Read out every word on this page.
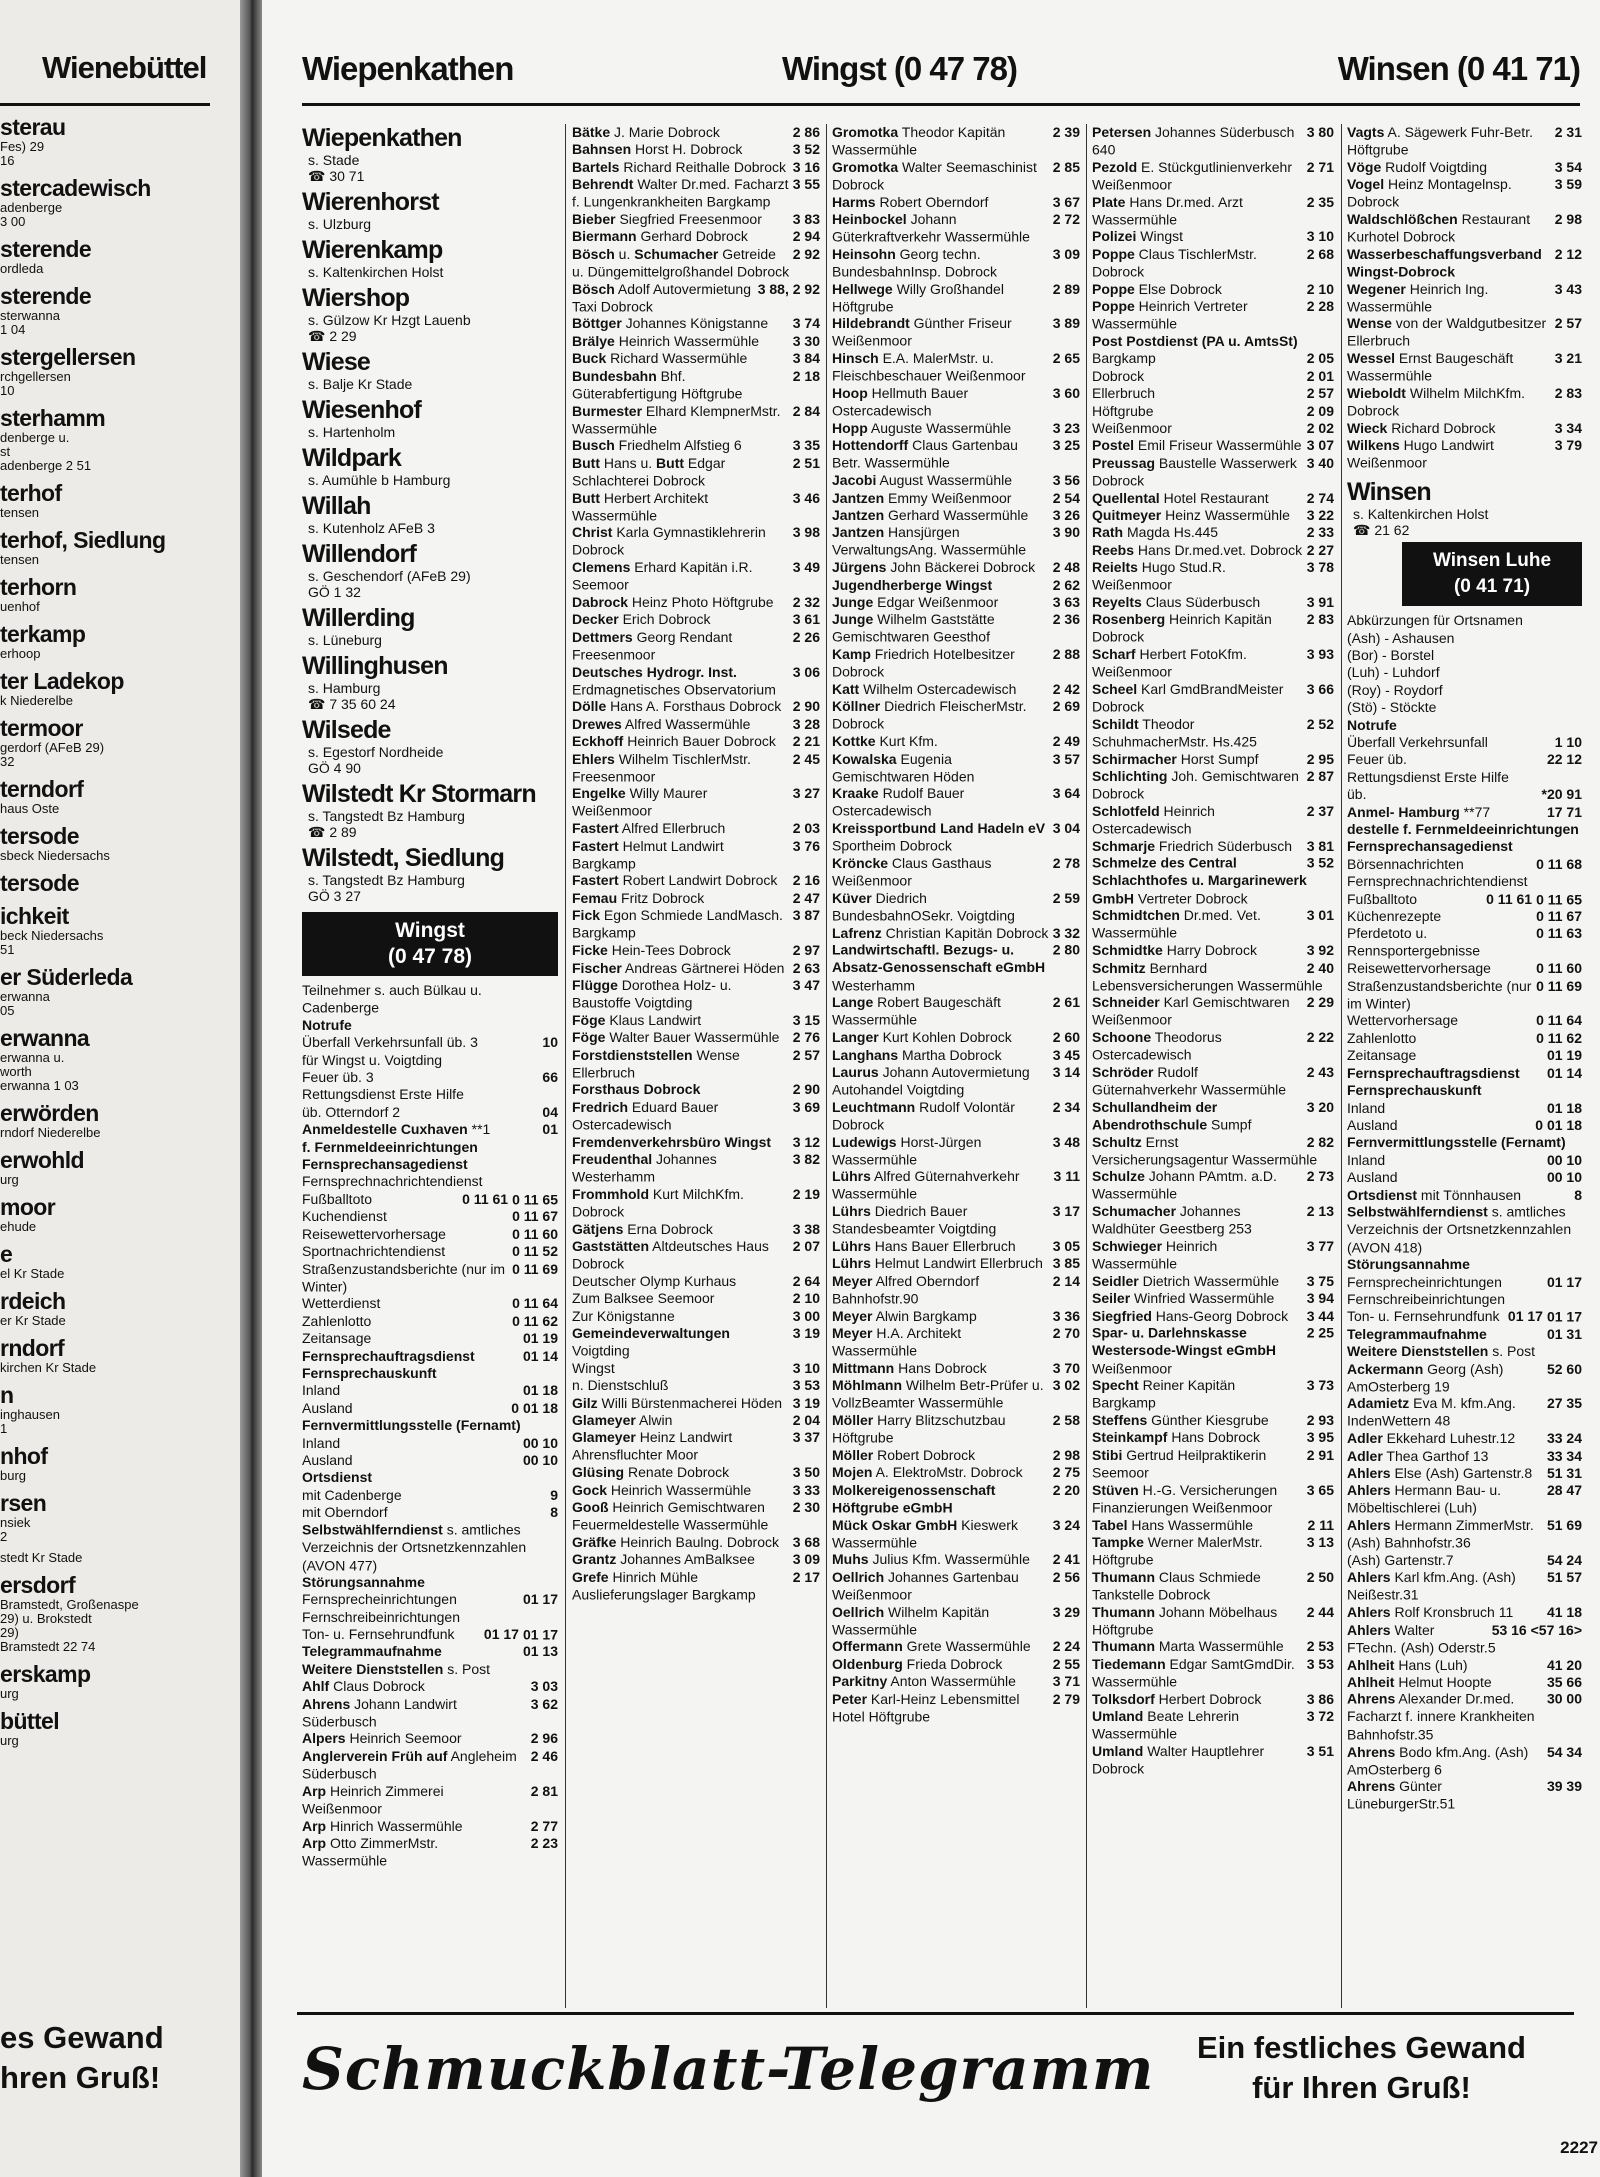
Wienebüttel
sterau
Fes) 29
16
stercadewisch
adenberge
3 00
sterende
ordleda
sterende
sterwanna
1 04
stergellersen
rchgellersen
10
sterhamm
denberge u.
st
adenberge 2 51
terhof
tensen
terhof, Siedlung
tensen
terhorn
uenhof
terkamp
erhoop
ter Ladekop
k Niederelbe
termoor
gerdorf (AFeB 29)
32
terndorf
haus Oste
tersode
sbeck Niedersachs
tersode
ichkeit
beck Niedersachs
51
er Süderleda
erwanna
05
erwanna
erwanna u.
worth
erwanna 1 03
erwörden
rndorf Niederelbe
erwohld
urg
moor
ehude
e
el Kr Stade
rdeich
er Kr Stade
rndorf
kirchen Kr Stade
n
inghausen
1
nhof
burg
rsen
nsiek
2
stedt Kr Stade
ersdorf
Bramstedt, Großenaspe
29) u. Brokstedt
29)
Bramstedt 22 74
erskamp
urg
büttel
urg
es Gewand
hren Gruß!
Wiepenkathen	Wingst (0 47 78)	Winsen (0 41 71)
Wiepenkathen
s. Stade
☎ 30 71
Wierenhorst
s. Ulzburg
Wierenkamp
s. Kaltenkirchen Holst
Wiershop
s. Gülzow Kr Hzgt Lauenb
☎ 2 29
Wiese
s. Balje Kr Stade
Wiesenhof
s. Hartenholm
Wildpark
s. Aumühle b Hamburg
Willah
s. Kutenholz AFeB 3
Willendorf
s. Geschendorf (AFeB 29)
GÖ 1 32
Willerding
s. Lüneburg
Willinghusen
s. Hamburg
☎ 7 35 60 24
Wilsede
s. Egestorf Nordheide
GÖ 4 90
Wilstedt Kr Stormarn
s. Tangstedt Bz Hamburg
☎ 2 89
Wilstedt, Siedlung
s. Tangstedt Bz Hamburg
GÖ 3 27
Wingst
(0 47 78)
Teilnehmer s. auch Bülkau u. Cadenberge
Notrufe
10
Überfall Verkehrsunfall üb. 3
für Wingst u. Voigtding
66
Feuer üb. 3
Rettungsdienst Erste Hilfe
04
üb. Otterndorf 2
01
Anmeldestelle Cuxhaven **1
f. Fernmeldeeinrichtungen
Fernsprechansagedienst
Fernsprechnachrichtendienst
0 11 65
0 11 61
Fußballtoto
0 11 67
Kuchendienst
0 11 60
Reisewettervorhersage
0 11 52
Sportnachrichtendienst
0 11 69
Straßenzustandsberichte (nur im Winter)
0 11 64
Wetterdienst
0 11 62
Zahlenlotto
01 19
Zeitansage
01 14
Fernsprechauftragsdienst
Fernsprechauskunft
01 18
Inland
0 01 18
Ausland
Fernvermittlungsstelle (Fernamt)
00 10
Inland
00 10
Ausland
Ortsdienst
9
mit Cadenberge
8
mit Oberndorf
Selbstwählferndienst s. amtliches Verzeichnis der Ortsnetzkennzahlen (AVON 477)
Störungsannahme
01 17
Fernsprecheinrichtungen
Fernschreibeinrichtungen
01 17
01 17
Ton- u. Fernsehrundfunk
01 13
Telegrammaufnahme
Weitere Dienststellen s. Post
3 03
Ahlf Claus Dobrock
3 62
Ahrens Johann Landwirt Süderbusch
2 96
Alpers Heinrich Seemoor
2 46
Anglerverein Früh auf Angleheim Süderbusch
2 81
Arp Heinrich Zimmerei Weißenmoor
2 77
Arp Hinrich Wassermühle
2 23
Arp Otto ZimmerMstr. Wassermühle
2 86
Bätke J. Marie Dobrock
3 52
Bahnsen Horst H. Dobrock
3 16
Bartels Richard Reithalle Dobrock
3 55
Behrendt Walter Dr.med. Facharzt f. Lungenkrankheiten Bargkamp
3 83
Bieber Siegfried Freesenmoor
2 94
Biermann Gerhard Dobrock
2 92
Bösch u. Schumacher Getreide u. Düngemittelgroßhandel Dobrock
3 88, 2 92
Bösch Adolf Autovermietung Taxi Dobrock
3 74
Böttger Johannes Königstanne
3 30
Brälye Heinrich Wassermühle
3 84
Buck Richard Wassermühle
2 18
Bundesbahn Bhf. Güterabfertigung Höftgrube
2 84
Burmester Elhard KlempnerMstr. Wassermühle
3 35
Busch Friedhelm Alfstieg 6
2 51
Butt Hans u. Butt Edgar Schlachterei Dobrock
3 46
Butt Herbert Architekt Wassermühle
3 98
Christ Karla Gymnastiklehrerin Dobrock
3 49
Clemens Erhard Kapitän i.R. Seemoor
2 32
Dabrock Heinz Photo Höftgrube
3 61
Decker Erich Dobrock
2 26
Dettmers Georg Rendant Freesenmoor
3 06
Deutsches Hydrogr. Inst. Erdmagnetisches Observatorium
2 90
Dölle Hans A. Forsthaus Dobrock
3 28
Drewes Alfred Wassermühle
2 21
Eckhoff Heinrich Bauer Dobrock
2 45
Ehlers Wilhelm TischlerMstr. Freesenmoor
3 27
Engelke Willy Maurer Weißenmoor
2 03
Fastert Alfred Ellerbruch
3 76
Fastert Helmut Landwirt Bargkamp
2 16
Fastert Robert Landwirt Dobrock
2 47
Femau Fritz Dobrock
3 87
Fick Egon Schmiede LandMasch. Bargkamp
2 97
Ficke Hein-Tees Dobrock
2 63
Fischer Andreas Gärtnerei Höden
3 47
Flügge Dorothea Holz- u. Baustoffe Voigtding
3 15
Föge Klaus Landwirt
2 76
Föge Walter Bauer Wassermühle
2 57
Forstdienststellen Wense Ellerbruch
2 90
Forsthaus Dobrock
3 69
Fredrich Eduard Bauer Ostercadewisch
3 12
Fremdenverkehrsbüro Wingst
3 82
Freudenthal Johannes Westerhamm
2 19
Frommhold Kurt MilchKfm. Dobrock
3 38
Gätjens Erna Dobrock
2 07
Gaststätten Altdeutsches Haus Dobrock
2 64
Deutscher Olymp Kurhaus
2 10
Zum Balksee Seemoor
3 00
Zur Königstanne
3 19
Gemeindeverwaltungen Voigtding
3 10
Wingst
3 53
n. Dienstschluß
3 19
Gilz Willi Bürstenmacherei Höden
2 04
Glameyer Alwin
3 37
Glameyer Heinz Landwirt Ahrensfluchter Moor
3 50
Glüsing Renate Dobrock
3 33
Gock Heinrich Wassermühle
2 30
Gooß Heinrich Gemischtwaren Feuermeldestelle Wassermühle
3 68
Gräfke Heinrich Baulng. Dobrock
3 09
Grantz Johannes AmBalksee
2 17
Grefe Hinrich Mühle Auslieferungslager Bargkamp
2 39
Gromotka Theodor Kapitän Wassermühle
2 85
Gromotka Walter Seemaschinist Dobrock
3 67
Harms Robert Oberndorf
2 72
Heinbockel Johann Güterkraftverkehr Wassermühle
3 09
Heinsohn Georg techn. BundesbahnInsp. Dobrock
2 89
Hellwege Willy Großhandel Höftgrube
3 89
Hildebrandt Günther Friseur Weißenmoor
2 65
Hinsch E.A. MalerMstr. u. Fleischbeschauer Weißenmoor
3 60
Hoop Hellmuth Bauer Ostercadewisch
3 23
Hopp Auguste Wassermühle
3 25
Hottendorff Claus Gartenbau Betr. Wassermühle
3 56
Jacobi August Wassermühle
2 54
Jantzen Emmy Weißenmoor
3 26
Jantzen Gerhard Wassermühle
3 90
Jantzen Hansjürgen VerwaltungsAng. Wassermühle
2 48
Jürgens John Bäckerei Dobrock
2 62
Jugendherberge Wingst
3 63
Junge Edgar Weißenmoor
2 36
Junge Wilhelm Gaststätte Gemischtwaren Geesthof
2 88
Kamp Friedrich Hotelbesitzer Dobrock
2 42
Katt Wilhelm Ostercadewisch
2 69
Köllner Diedrich FleischerMstr. Dobrock
2 49
Kottke Kurt Kfm.
3 57
Kowalska Eugenia Gemischtwaren Höden
3 64
Kraake Rudolf Bauer Ostercadewisch
3 04
Kreissportbund Land Hadeln eV Sportheim Dobrock
2 78
Kröncke Claus Gasthaus Weißenmoor
2 59
Küver Diedrich BundesbahnOSekr. Voigtding
3 32
Lafrenz Christian Kapitän Dobrock
2 80
Landwirtschaftl. Bezugs- u. Absatz-Genossenschaft eGmbH Westerhamm
2 61
Lange Robert Baugeschäft Wassermühle
2 60
Langer Kurt Kohlen Dobrock
3 45
Langhans Martha Dobrock
3 14
Laurus Johann Autovermietung Autohandel Voigtding
2 34
Leuchtmann Rudolf Volontär Dobrock
3 48
Ludewigs Horst-Jürgen Wassermühle
3 11
Lührs Alfred Güternahverkehr Wassermühle
3 17
Lührs Diedrich Bauer Standesbeamter Voigtding
3 05
Lührs Hans Bauer Ellerbruch
3 85
Lührs Helmut Landwirt Ellerbruch
2 14
Meyer Alfred Oberndorf Bahnhofstr.90
3 36
Meyer Alwin Bargkamp
2 70
Meyer H.A. Architekt Wassermühle
3 70
Mittmann Hans Dobrock
3 02
Möhlmann Wilhelm Betr-Prüfer u. VollzBeamter Wassermühle
2 58
Möller Harry Blitzschutzbau Höftgrube
2 98
Möller Robert Dobrock
2 75
Mojen A. ElektroMstr. Dobrock
2 20
Molkereigenossenschaft Höftgrube eGmbH
3 24
Mück Oskar GmbH Kieswerk Wassermühle
2 41
Muhs Julius Kfm. Wassermühle
2 56
Oellrich Johannes Gartenbau Weißenmoor
3 29
Oellrich Wilhelm Kapitän Wassermühle
2 24
Offermann Grete Wassermühle
2 55
Oldenburg Frieda Dobrock
3 71
Parkitny Anton Wassermühle
2 79
Peter Karl-Heinz Lebensmittel Hotel Höftgrube
3 80
Petersen Johannes Süderbusch 640
2 71
Pezold E. Stückgutlinienverkehr Weißenmoor
2 35
Plate Hans Dr.med. Arzt Wassermühle
3 10
Polizei Wingst
2 68
Poppe Claus TischlerMstr. Dobrock
2 10
Poppe Else Dobrock
2 28
Poppe Heinrich Vertreter Wassermühle
Post Postdienst (PA u. AmtsSt)
2 05
Bargkamp
2 01
Dobrock
2 57
Ellerbruch
2 09
Höftgrube
2 02
Weißenmoor
3 07
Postel Emil Friseur Wassermühle
3 40
Preussag Baustelle Wasserwerk Dobrock
2 74
Quellental Hotel Restaurant
3 22
Quitmeyer Heinz Wassermühle
2 33
Rath Magda Hs.445
2 27
Reebs Hans Dr.med.vet. Dobrock
3 78
Reielts Hugo Stud.R. Weißenmoor
3 91
Reyelts Claus Süderbusch
2 83
Rosenberg Heinrich Kapitän Dobrock
3 93
Scharf Herbert FotoKfm. Weißenmoor
3 66
Scheel Karl GmdBrandMeister Dobrock
2 52
Schildt Theodor SchuhmacherMstr. Hs.425
2 95
Schirmacher Horst Sumpf
2 87
Schlichting Joh. Gemischtwaren Dobrock
2 37
Schlotfeld Heinrich Ostercadewisch
3 81
Schmarje Friedrich Süderbusch
3 52
Schmelze des Central Schlachthofes u. Margarinewerk GmbH Vertreter Dobrock
3 01
Schmidtchen Dr.med. Vet. Wassermühle
3 92
Schmidtke Harry Dobrock
2 40
Schmitz Bernhard Lebensversicherungen Wassermühle
2 29
Schneider Karl Gemischtwaren Weißenmoor
2 22
Schoone Theodorus Ostercadewisch
2 43
Schröder Rudolf Güternahverkehr Wassermühle
3 20
Schullandheim der Abendrothschule Sumpf
2 82
Schultz Ernst Versicherungsagentur Wassermühle
2 73
Schulze Johann PAmtm. a.D. Wassermühle
2 13
Schumacher Johannes Waldhüter Geestberg 253
3 77
Schwieger Heinrich Wassermühle
3 75
Seidler Dietrich Wassermühle
3 94
Seiler Winfried Wassermühle
3 44
Siegfried Hans-Georg Dobrock
2 25
Spar- u. Darlehnskasse Westersode-Wingst eGmbH Weißenmoor
3 73
Specht Reiner Kapitän Bargkamp
2 93
Steffens Günther Kiesgrube
3 95
Steinkampf Hans Dobrock
2 91
Stibi Gertrud Heilpraktikerin Seemoor
3 65
Stüven H.-G. Versicherungen Finanzierungen Weißenmoor
2 11
Tabel Hans Wassermühle
3 13
Tampke Werner MalerMstr. Höftgrube
2 50
Thumann Claus Schmiede Tankstelle Dobrock
2 44
Thumann Johann Möbelhaus Höftgrube
2 53
Thumann Marta Wassermühle
3 53
Tiedemann Edgar SamtGmdDir. Wassermühle
3 86
Tolksdorf Herbert Dobrock
3 72
Umland Beate Lehrerin Wassermühle
3 51
Umland Walter Hauptlehrer Dobrock
2 31
Vagts A. Sägewerk Fuhr-Betr. Höftgrube
3 54
Vöge Rudolf Voigtding
3 59
Vogel Heinz Montagelnsp. Dobrock
2 98
Waldschlößchen Restaurant Kurhotel Dobrock
2 12
Wasserbeschaffungsverband Wingst-Dobrock
3 43
Wegener Heinrich Ing. Wassermühle
2 57
Wense von der Waldgutbesitzer Ellerbruch
3 21
Wessel Ernst Baugeschäft Wassermühle
2 83
Wieboldt Wilhelm MilchKfm. Dobrock
3 34
Wieck Richard Dobrock
3 79
Wilkens Hugo Landwirt Weißenmoor
Winsen
s. Kaltenkirchen Holst
☎ 21 62
Winsen Luhe
(0 41 71)
Abkürzungen für Ortsnamen
(Ash) - Ashausen
(Bor) - Borstel
(Luh) - Luhdorf
(Roy) - Roydorf
(Stö) - Stöckte
Notrufe
1 10
Überfall Verkehrsunfall
22 12
Feuer üb.
Rettungsdienst Erste Hilfe
*20 91
üb.
17 71
Anmel- Hamburg **77
destelle f. Fernmeldeeinrichtungen
Fernsprechansagedienst
0 11 68
Börsennachrichten
Fernsprechnachrichtendienst
0 11 65
0 11 61
Fußballtoto
0 11 67
Küchenrezepte
0 11 63
Pferdetoto u. Rennsportergebnisse
0 11 60
Reisewettervorhersage
0 11 69
Straßenzustandsberichte (nur im Winter)
0 11 64
Wettervorhersage
0 11 62
Zahlenlotto
01 19
Zeitansage
01 14
Fernsprechauftragsdienst
Fernsprechauskunft
01 18
Inland
0 01 18
Ausland
Fernvermittlungsstelle (Fernamt)
00 10
Inland
00 10
Ausland
8
Ortsdienst mit Tönnhausen
Selbstwählferndienst s. amtliches Verzeichnis der Ortsnetzkennzahlen (AVON 418)
Störungsannahme
01 17
Fernsprecheinrichtungen
Fernschreibeinrichtungen
01 17
01 17
Ton- u. Fernsehrundfunk
01 31
Telegrammaufnahme
Weitere Dienststellen s. Post
52 60
Ackermann Georg (Ash) AmOsterberg 19
27 35
Adamietz Eva M. kfm.Ang. IndenWettern 48
33 24
Adler Ekkehard Luhestr.12
33 34
Adler Thea Garthof 13
51 31
Ahlers Else (Ash) Gartenstr.8
28 47
Ahlers Hermann Bau- u. Möbeltischlerei (Luh)
51 69
Ahlers Hermann ZimmerMstr. (Ash) Bahnhofstr.36
54 24
(Ash) Gartenstr.7
51 57
Ahlers Karl kfm.Ang. (Ash) Neißestr.31
41 18
Ahlers Rolf Kronsbruch 11
53 16 <57 16>
Ahlers Walter FTechn. (Ash) Oderstr.5
41 20
Ahlheit Hans (Luh)
35 66
Ahlheit Helmut Hoopte
30 00
Ahrens Alexander Dr.med. Facharzt f. innere Krankheiten Bahnhofstr.35
54 34
Ahrens Bodo kfm.Ang. (Ash) AmOsterberg 6
39 39
Ahrens Günter LüneburgerStr.51
Schmuckblatt-Telegramm Ein festliches Gewand
für Ihren Gruß!
2227
